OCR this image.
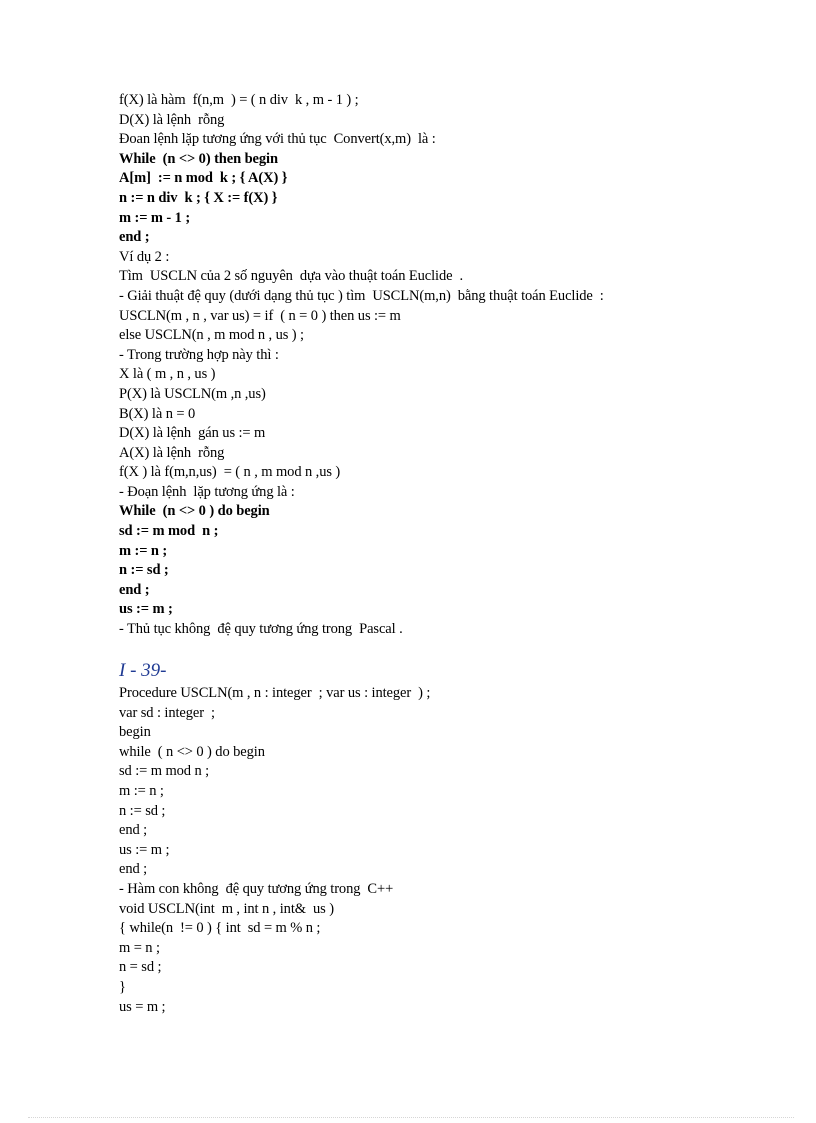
f(X) là hàm  f(n,m  ) = ( n div  k , m - 1 ) ;
D(X) là lệnh  rỗng
Đoan lệnh lặp tương ứng với thủ tục  Convert(x,m)  là :
While  (n <> 0) then begin
A[m]  := n mod  k ; { A(X) }
n := n div  k ; { X := f(X) }
m := m - 1 ;
end ;
Ví dụ 2 :
Tìm  USCLN của 2 số nguyên  dựa vào thuật toán Euclide  .
- Giải thuật đệ quy (dưới dạng thủ tục ) tìm  USCLN(m,n)  bằng thuật toán Euclide  :
USCLN(m , n , var us) = if  ( n = 0 ) then us := m
else USCLN(n , m mod n , us ) ;
- Trong trường hợp này thì :
X là ( m , n , us )
P(X) là USCLN(m ,n ,us)
B(X) là n = 0
D(X) là lệnh  gán us := m
A(X) là lệnh  rỗng
f(X ) là f(m,n,us)  = ( n , m mod n ,us )
- Đoạn lệnh  lặp tương ứng là :
While  (n <> 0 ) do begin
sd := m mod  n ;
m := n ;
n := sd ;
end ;
us := m ;
- Thủ tục không  đệ quy tương ứng trong  Pascal .
I - 39-
Procedure USCLN(m , n : integer  ; var us : integer  ) ;
var sd : integer  ;
begin
while  ( n <> 0 ) do begin
sd := m mod n ;
m := n ;
n := sd ;
end ;
us := m ;
end ;
- Hàm con không  đệ quy tương ứng trong  C++
void USCLN(int  m , int n , int&  us )
{ while(n  != 0 ) { int  sd = m % n ;
m = n ;
n = sd ;
}
us = m ;
